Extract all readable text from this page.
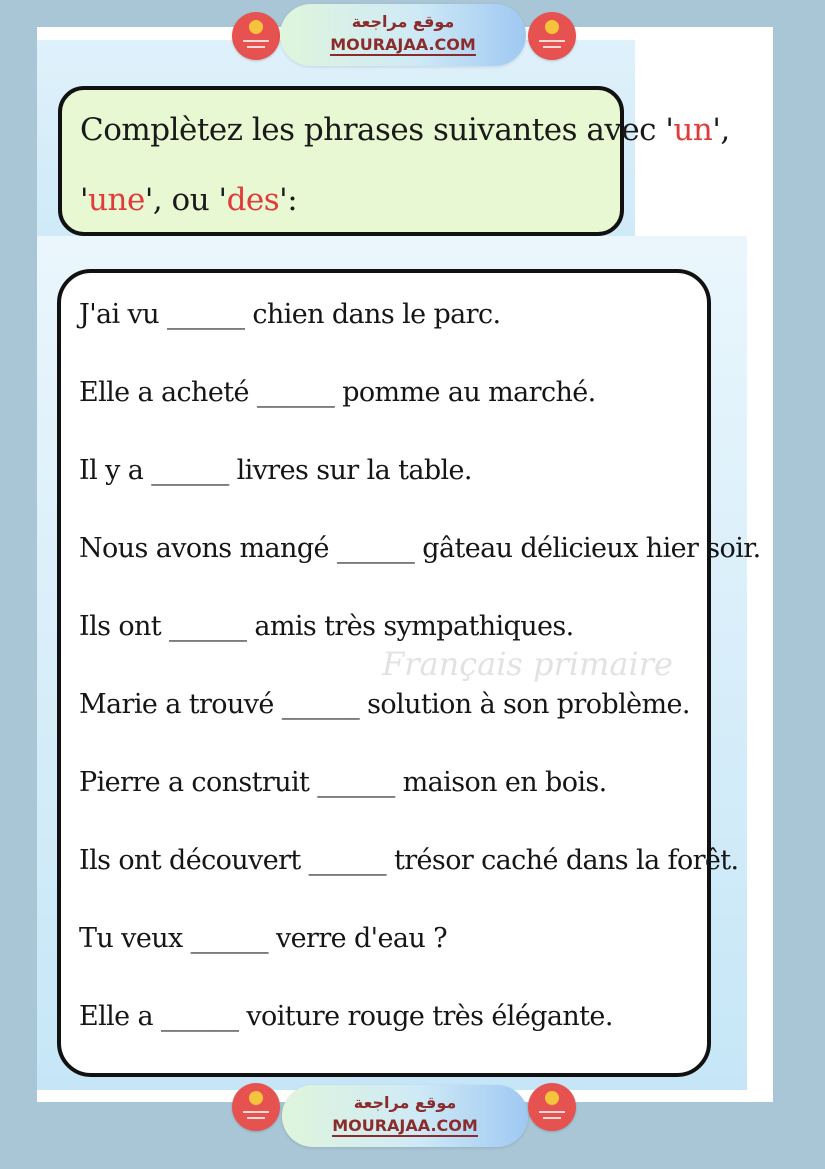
موقع مراجعة
MOURAJAA.COM
Complètez les phrases suivantes avec 'un',
'une', ou 'des':
J'ai vu ______ chien dans le parc.
Elle a acheté ______ pomme au marché.
Il y a ______ livres sur la table.
Nous avons mangé ______ gâteau délicieux hier soir.
Ils ont ______ amis très sympathiques.
Marie a trouvé ______ solution à son problème.
Pierre a construit ______ maison en bois.
Ils ont découvert ______ trésor caché dans la forêt.
Tu veux ______ verre d'eau ?
Elle a ______ voiture rouge très élégante.
Français primaire
موقع مراجعة
MOURAJAA.COM
